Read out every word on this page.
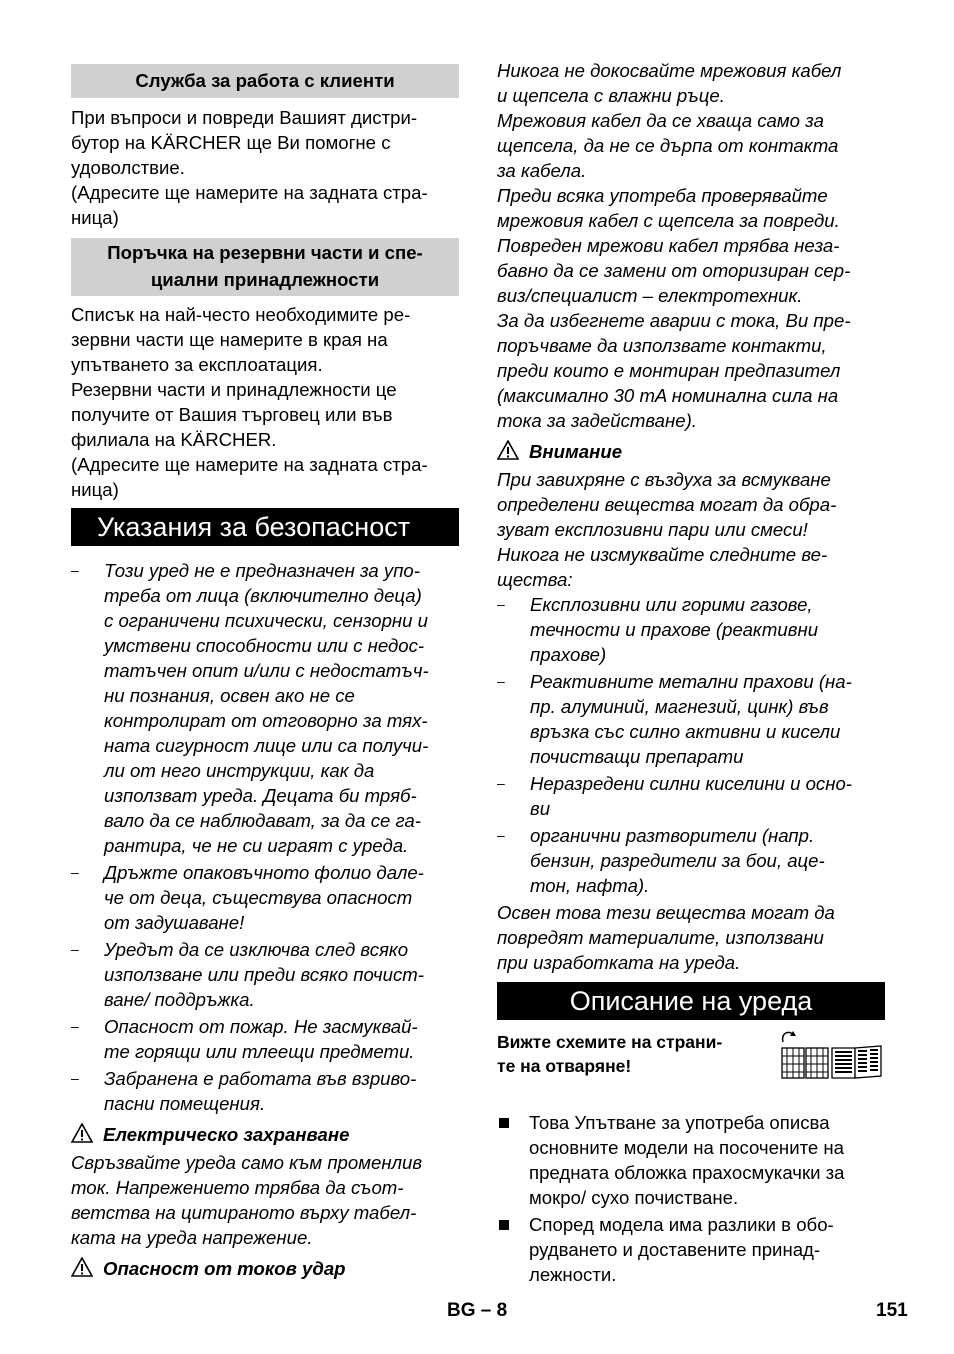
Служба за работа с клиенти

При въпроси и повреди Вашият дистри-
бутор на KÄRCHER ще Ви помогне с
удоволствие.
(Адресите ще намерите на задната стра-
ница)

Поръчка на резервни части и спе-
циални принадлежности

Списък на най-често необходимите ре-
зервни части ще намерите в края на
упътването за експлоатация.
Резервни части и принадлежности це
получите от Вашия търговец или във
филиала на KÄRCHER.
(Адресите ще намерите на задната стра-
ница)

Указания за безопасност
– Този уред не е предназначен за упо-
треба от лица (включително деца)
с ограничени психически, сензорни и
умствени способности или с недос-
татъчен опит и/или с недостатъч-
ни познания, освен ако не се
контролират от отговорно за тях-
ната сигурност лице или са получи-
ли от него инструкции, как да
използват уреда. Децата би тряб-
вало да се наблюдават, за да се га-
рантира, че не си играят с уреда.
– Дръжте опаковъчното фолио дале-
че от деца, съществува опасност
от задушаване!
– Уредът да се изключва след всяко
използване или преди всяко почист-
ване/ поддръжка.
– Опасност от пожар. Не засмуквай-
те горящи или тлеещи предмети.
– Забранена е работата във взриво-
пасни помещения.
Електрическо захранване

Свръзвайте уреда само към променлив
ток. Напрежението трябва да съот-
ветства на цитираното върху табел-
ката на уреда напрежение.

Опасност от токов удар

Никога не докосвайте мрежовия кабел
и щепсела с влажни ръце.
Мрежовия кабел да се хваща само за
щепсела, да не се дърпа от контакта
за кабела.
Преди всяка употреба проверявайте
мрежовия кабел с щепсела за повреди.
Повреден мрежови кабел трябва неза-
бавно да се замени от оторизиран сер-
виз/специалист – електротехник.
За да избегнете аварии с тока, Ви пре-
поръчваме да използвате контакти,
преди които е монтиран предпазител
(максимално 30 mA номинална сила на
тока за задействане).

Внимание

При завихряне с въздуха за всмукване
определени вещества могат да обра-
зуват експлозивни пари или смеси!
Никога не изсмуквайте следните ве-
щества:

– Експлозивни или горими газове,
течности и прахове (реактивни
прахове)
– Реактивните метални прахови (на-
пр. алуминий, магнезий, цинк) във
връзка със силно активни и кисели
почистващи препарати
– Неразредени силни киселини и осно-
ви
– органични разтворители (напр.
бензин, разредители за бои, аце-
тон, нафта).

Освен това тези вещества могат да
повредят материалите, използвани
при изработката на уреда.

Описание на уреда
Вижте схемите на страни-
те на отваряне!
Това Упътване за употреба описва
основните модели на посочените на
предната обложка прахосмукачки за
мокро/ сухо почистване.
Според модела има разлики в обо-
рудването и доставените принад-
лежности.
BG – 8	151
